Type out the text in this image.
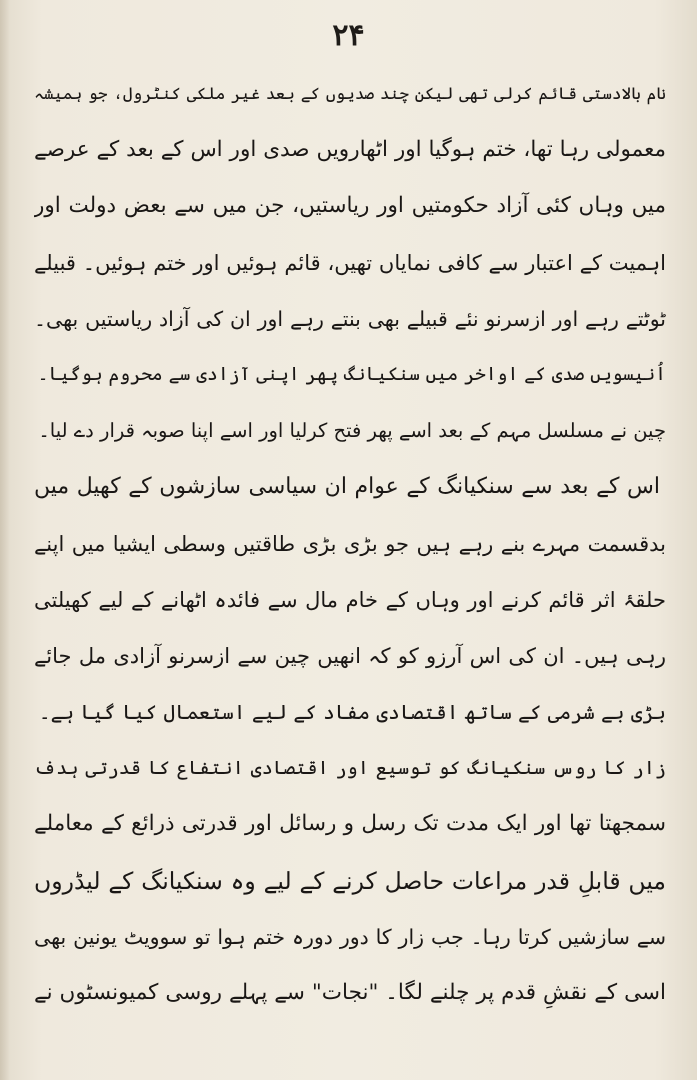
۲۴
نام بالادستی قائم کرلی تھی لیکن چند صدیوں کے بعد غیر ملکی کنٹرول، جو ہمیشہ
معمولی رہا تھا، ختم ہوگیا اور اٹھارویں صدی اور اس کے بعد کے عرصے
میں وہاں کئی آزاد حکومتیں اور ریاستیں، جن میں سے بعض دولت اور
اہمیت کے اعتبار سے کافی نمایاں تھیں، قائم ہوئیں اور ختم ہوئیں۔ قبیلے
ٹوٹتے رہے اور ازسرنو نئے قبیلے بھی بنتے رہے اور ان کی آزاد ریاستیں بھی۔
اُنیسویں صدی کے اواخر میں سنکیانگ پھر اپنی آزادی سے محروم ہوگیا۔
چین نے مسلسل مہم کے بعد اسے پھر فتح کرلیا اور اسے اپنا صوبہ قرار دے لیا۔
اس کے بعد سے سنکیانگ کے عوام ان سیاسی سازشوں کے کھیل میں
بدقسمت مہرے بنے رہے ہیں جو بڑی بڑی طاقتیں وسطی ایشیا میں اپنے
حلقۂ اثر قائم کرنے اور وہاں کے خام مال سے فائدہ اٹھانے کے لیے کھیلتی
رہی ہیں۔ ان کی اس آرزو کو کہ انھیں چین سے ازسرنو آزادی مل جائے
بڑی بے شرمی کے ساتھ اقتصادی مفاد کے لیے استعمال کیا گیا ہے۔
زار کا روس سنکیانگ کو توسیع اور اقتصادی انتفاع کا قدرتی ہدف
سمجھتا تھا اور ایک مدت تک رسل و رسائل اور قدرتی ذرائع کے معاملے
میں قابلِ قدر مراعات حاصل کرنے کے لیے وہ سنکیانگ کے لیڈروں
سے سازشیں کرتا رہا۔ جب زار کا دور دورہ ختم ہوا تو سوویٹ یونین بھی
اسی کے نقشِ قدم پر چلنے لگا۔ "نجات" سے پہلے روسی کمیونسٹوں نے
